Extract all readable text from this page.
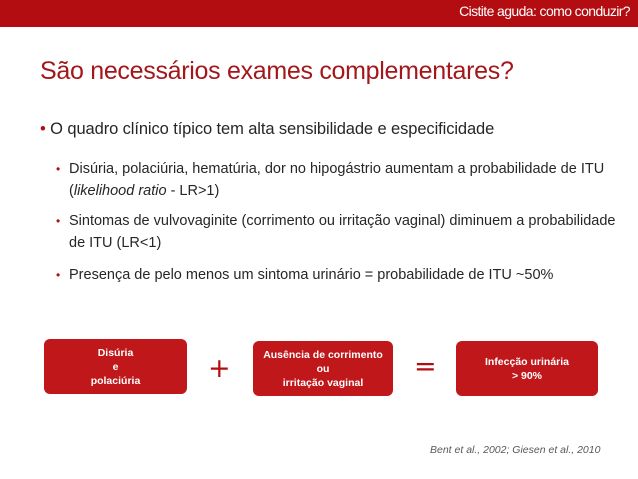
Cistite aguda: como conduzir?
São necessários exames complementares?
• O quadro clínico típico tem alta sensibilidade e especificidade
• Disúria, polaciúria, hematúria, dor no hipogástrio aumentam a probabilidade de ITU (likelihood ratio - LR>1)
• Sintomas de vulvovaginite (corrimento ou irritação vaginal) diminuem a probabilidade de ITU (LR<1)
• Presença de pelo menos um sintoma urinário = probabilidade de ITU ~50%
Disúria
e
polaciúria	+	Ausência de corrimento
ou
irritação vaginal
=	Infecção urinária
> 90%
Bent et al., 2002; Giesen et al., 2010
